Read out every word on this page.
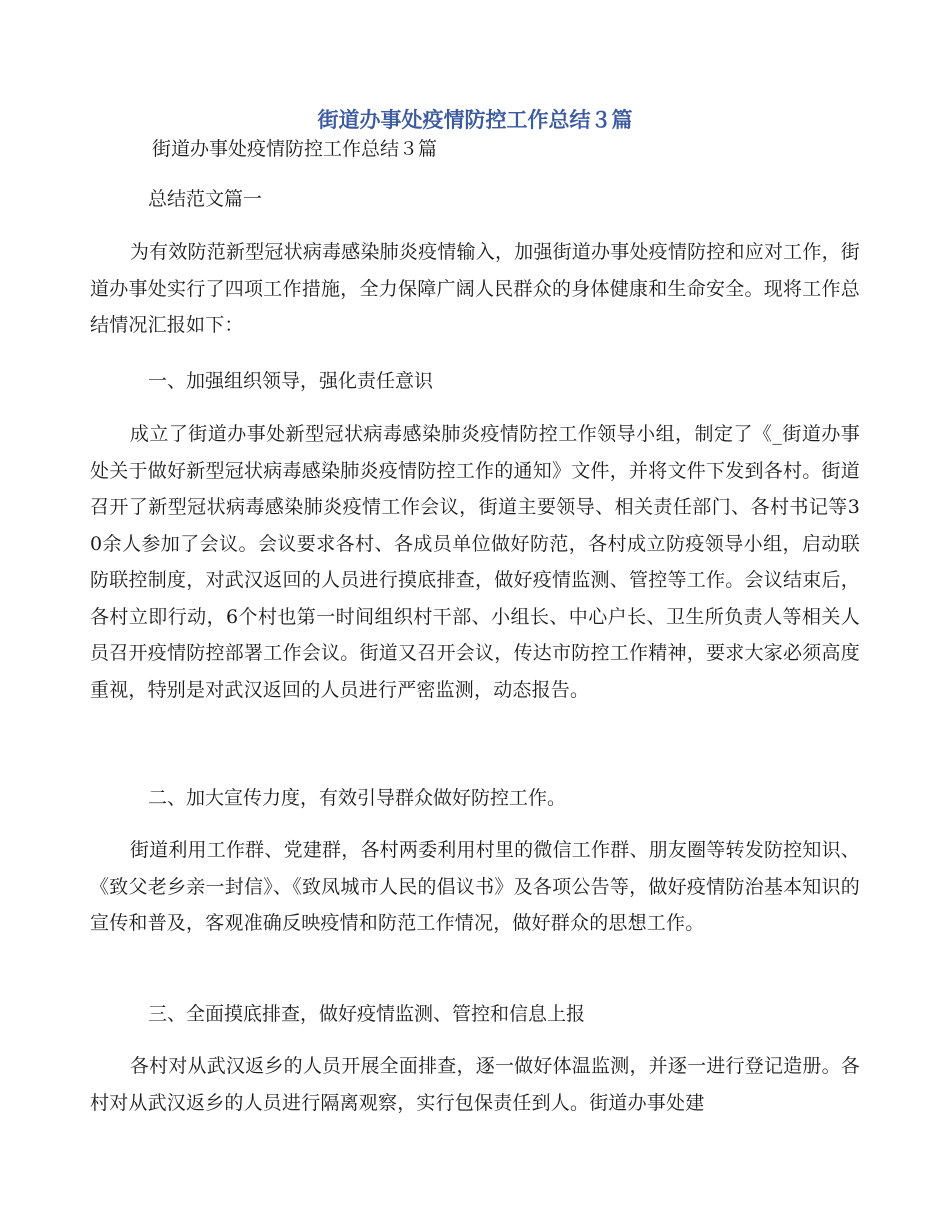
街道办事处疫情防控工作总结３篇

街道办事处疫情防控工作总结３篇

总结范文篇一

为有效防范新型冠状病毒感染肺炎疫情输入，加强街道办事处疫情防控和应对工作，街道办事处实行了四项工作措施，全力保障广阔人民群众的身体健康和生命安全。现将工作总结情况汇报如下：

一、加强组织领导，强化责任意识

成立了街道办事处新型冠状病毒感染肺炎疫情防控工作领导小组，制定了《_街道办事处关于做好新型冠状病毒感染肺炎疫情防控工作的通知》文件，并将文件下发到各村。街道召开了新型冠状病毒感染肺炎疫情工作会议，街道主要领导、相关责任部门、各村书记等30余人参加了会议。会议要求各村、各成员单位做好防范，各村成立防疫领导小组，启动联防联控制度，对武汉返回的人员进行摸底排查，做好疫情监测、管控等工作。会议结束后，各村立即行动，6个村也第一时间组织村干部、小组长、中心户长、卫生所负责人等相关人员召开疫情防控部署工作会议。街道又召开会议，传达市防控工作精神，要求大家必须高度重视，特别是对武汉返回的人员进行严密监测，动态报告。

二、加大宣传力度，有效引导群众做好防控工作。

街道利用工作群、党建群，各村两委利用村里的微信工作群、朋友圈等转发防控知识、《致父老乡亲一封信》、《致凤城市人民的倡议书》及各项公告等，做好疫情防治基本知识的宣传和普及，客观准确反映疫情和防范工作情况，做好群众的思想工作。

三、全面摸底排查，做好疫情监测、管控和信息上报

各村对从武汉返乡的人员开展全面排查，逐一做好体温监测，并逐一进行登记造册。各村对从武汉返乡的人员进行隔离观察，实行包保责任到人。街道办事处建
